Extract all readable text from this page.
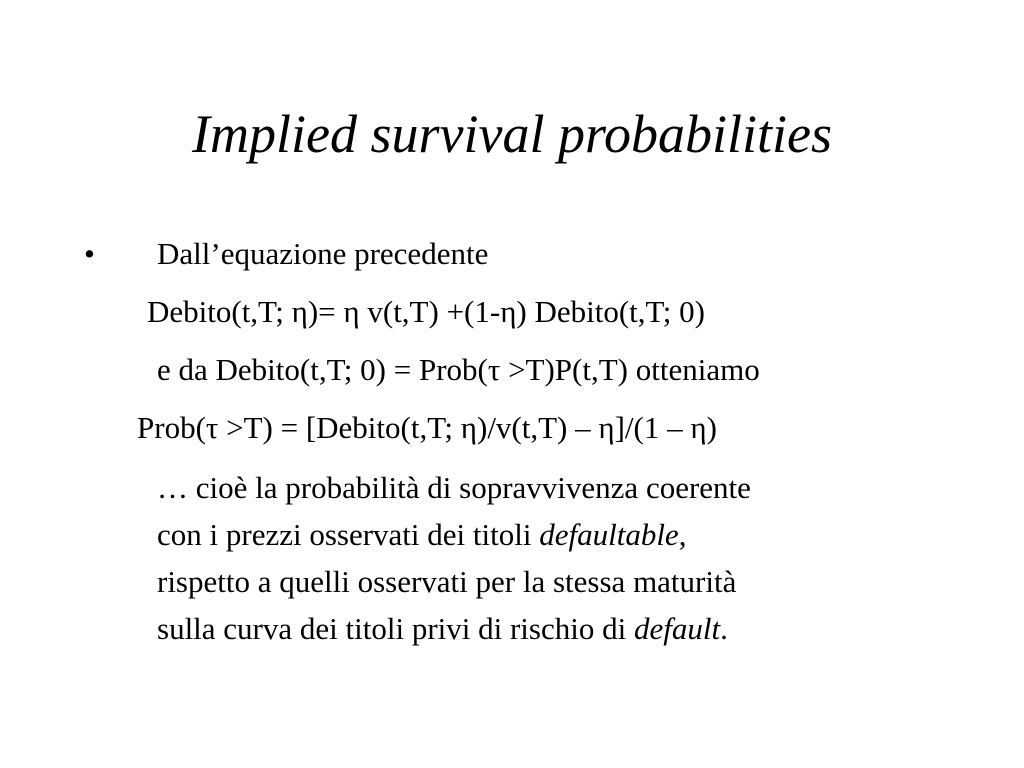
Implied survival probabilities
• Dall’equazione precedente
Debito(t,T; η)= η v(t,T) +(1-η) Debito(t,T; 0)
e da Debito(t,T; 0) = Prob(τ >T)P(t,T) otteniamo
Prob(τ >T) = [Debito(t,T; η)/v(t,T) – η]/(1 – η)
… cioè la probabilità di sopravvivenza coerente
con i prezzi osservati dei titoli defaultable,
rispetto a quelli osservati per la stessa maturità
sulla curva dei titoli privi di rischio di default.
